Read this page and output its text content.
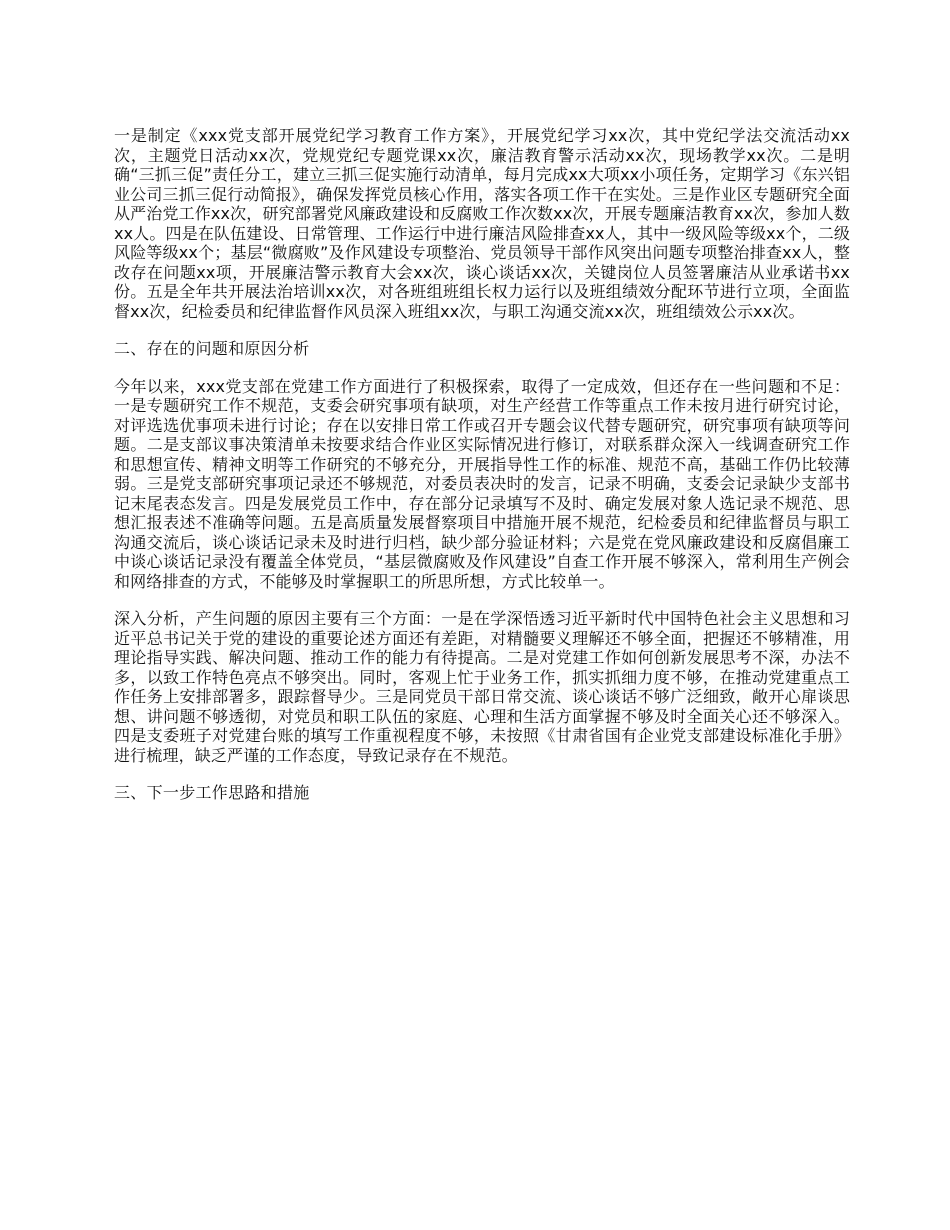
一是制定《xxx党支部开展党纪学习教育工作方案》，开展党纪学习xx次，其中党纪学法交流活动xx次，主题党日活动xx次，党规党纪专题党课xx次，廉洁教育警示活动xx次，现场教学xx次。二是明确“三抓三促”责任分工，建立三抓三促实施行动清单，每月完成xx大项xx小项任务，定期学习《东兴铝业公司三抓三促行动简报》，确保发挥党员核心作用，落实各项工作干在实处。三是作业区专题研究全面从严治党工作xx次，研究部署党风廉政建设和反腐败工作次数xx次，开展专题廉洁教育xx次，参加人数xx人。四是在队伍建设、日常管理、工作运行中进行廉洁风险排查xx人，其中一级风险等级xx个，二级风险等级xx个；基层“微腐败”及作风建设专项整治、党员领导干部作风突出问题专项整治排查xx人，整改存在问题xx项，开展廉洁警示教育大会xx次，谈心谈话xx次，关键岗位人员签署廉洁从业承诺书xx份。五是全年共开展法治培训xx次，对各班组班组长权力运行以及班组绩效分配环节进行立项，全面监督xx次，纪检委员和纪律监督作风员深入班组xx次，与职工沟通交流xx次，班组绩效公示xx次。

二、存在的问题和原因分析

今年以来，xxx党支部在党建工作方面进行了积极探索，取得了一定成效，但还存在一些问题和不足：一是专题研究工作不规范，支委会研究事项有缺项，对生产经营工作等重点工作未按月进行研究讨论，对评选选优事项未进行讨论；存在以安排日常工作或召开专题会议代替专题研究，研究事项有缺项等问题。二是支部议事决策清单未按要求结合作业区实际情况进行修订，对联系群众深入一线调查研究工作和思想宣传、精神文明等工作研究的不够充分，开展指导性工作的标准、规范不高，基础工作仍比较薄弱。三是党支部研究事项记录还不够规范，对委员表决时的发言，记录不明确，支委会记录缺少支部书记末尾表态发言。四是发展党员工作中，存在部分记录填写不及时、确定发展对象人选记录不规范、思想汇报表述不准确等问题。五是高质量发展督察项目中措施开展不规范，纪检委员和纪律监督员与职工沟通交流后，谈心谈话记录未及时进行归档，缺少部分验证材料；六是党在党风廉政建设和反腐倡廉工中谈心谈话记录没有覆盖全体党员，“基层微腐败及作风建设”自查工作开展不够深入，常利用生产例会和网络排查的方式，不能够及时掌握职工的所思所想，方式比较单一。

深入分析，产生问题的原因主要有三个方面：一是在学深悟透习近平新时代中国特色社会主义思想和习近平总书记关于党的建设的重要论述方面还有差距，对精髓要义理解还不够全面，把握还不够精准，用理论指导实践、解决问题、推动工作的能力有待提高。二是对党建工作如何创新发展思考不深，办法不多，以致工作特色亮点不够突出。同时，客观上忙于业务工作，抓实抓细力度不够，在推动党建重点工作任务上安排部署多，跟踪督导少。三是同党员干部日常交流、谈心谈话不够广泛细致，敞开心扉谈思想、讲问题不够透彻，对党员和职工队伍的家庭、心理和生活方面掌握不够及时全面关心还不够深入。四是支委班子对党建台账的填写工作重视程度不够，未按照《甘肃省国有企业党支部建设标准化手册》进行梳理，缺乏严谨的工作态度，导致记录存在不规范。

三、下一步工作思路和措施
